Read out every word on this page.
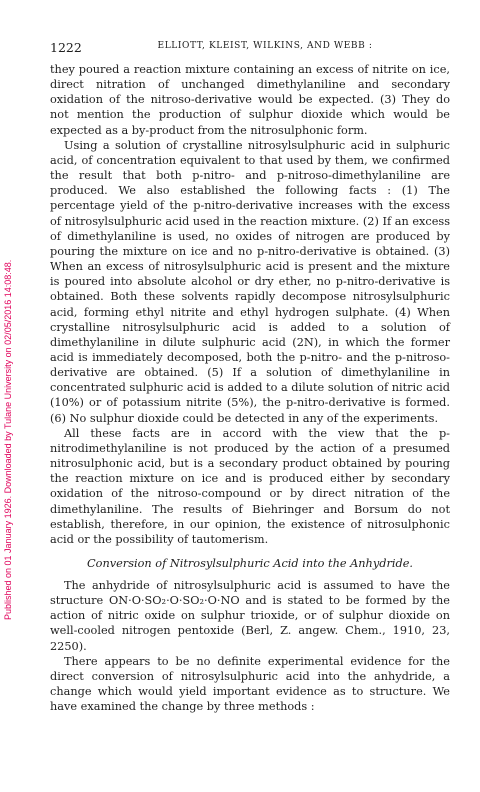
1222	ELLIOTT, KLEIST, WILKINS, AND WEBB :
Published on 01 January 1926. Downloaded by Tulane University on 02/05/2016 14:08:48.

they poured a reaction mixture containing an excess of nitrite on ice, direct nitration of unchanged dimethylaniline and secondary oxidation of the nitroso-derivative would be expected. (3) They do not mention the production of sulphur dioxide which would be expected as a by-product from the nitrosulphonic form.

Using a solution of crystalline nitrosylsulphuric acid in sulphuric acid, of concentration equivalent to that used by them, we confirmed the result that both p-nitro- and p-nitroso-dimethylaniline are produced. We also established the following facts : (1) The percentage yield of the p-nitro-derivative increases with the excess of nitrosylsulphuric acid used in the reaction mixture. (2) If an excess of dimethylaniline is used, no oxides of nitrogen are produced by pouring the mixture on ice and no p-nitro-derivative is obtained. (3) When an excess of nitrosylsulphuric acid is present and the mixture is poured into absolute alcohol or dry ether, no p-nitro-derivative is obtained. Both these solvents rapidly decompose nitrosylsulphuric acid, forming ethyl nitrite and ethyl hydrogen sulphate. (4) When crystalline nitrosylsulphuric acid is added to a solution of dimethylaniline in dilute sulphuric acid (2N), in which the former acid is immediately decomposed, both the p-nitro- and the p-nitroso-derivative are obtained. (5) If a solution of dimethylaniline in concentrated sulphuric acid is added to a dilute solution of nitric acid (10%) or of potassium nitrite (5%), the p-nitro-derivative is formed. (6) No sulphur dioxide could be detected in any of the experiments.

All these facts are in accord with the view that the p-nitrodimethylaniline is not produced by the action of a presumed nitrosulphonic acid, but is a secondary product obtained by pouring the reaction mixture on ice and is produced either by secondary oxidation of the nitroso-compound or by direct nitration of the dimethylaniline. The results of Biehringer and Borsum do not establish, therefore, in our opinion, the existence of nitrosulphonic acid or the possibility of tautomerism.

Conversion of Nitrosylsulphuric Acid into the Anhydride.

The anhydride of nitrosylsulphuric acid is assumed to have the structure ON·O·SO₂·O·SO₂·O·NO and is stated to be formed by the action of nitric oxide on sulphur trioxide, or of sulphur dioxide on well-cooled nitrogen pentoxide (Berl, Z. angew. Chem., 1910, 23, 2250).

There appears to be no definite experimental evidence for the direct conversion of nitrosylsulphuric acid into the anhydride, a change which would yield important evidence as to structure. We have examined the change by three methods :
